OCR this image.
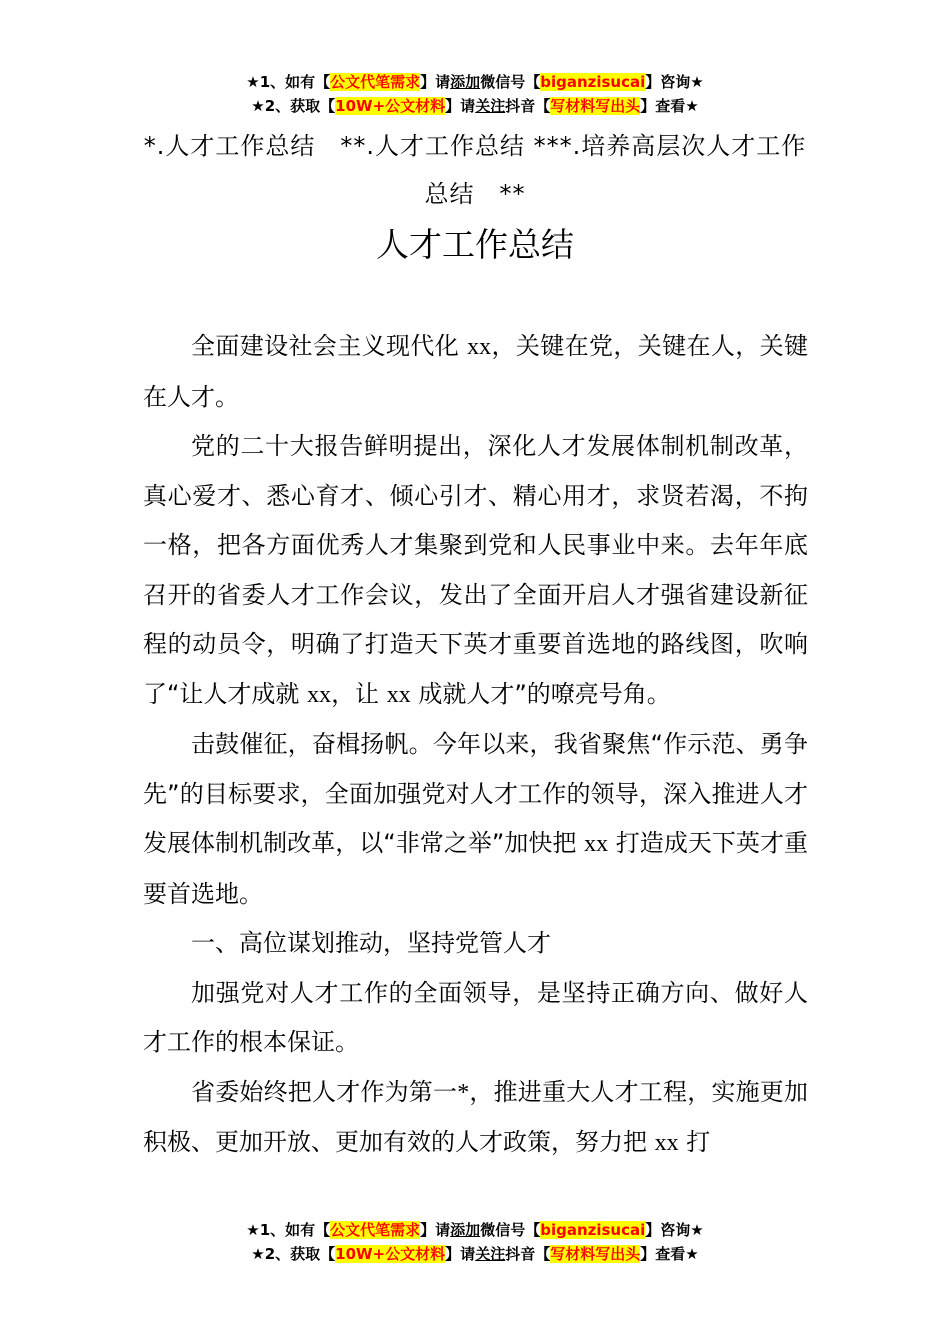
★1、如有【公文代笔需求】请添加微信号【biganzisucai】咨询★
★2、获取【10W+公文材料】请关注抖音【写材料写出头】查看★
*.人才工作总结　**.人才工作总结 ***.培养高层次人才工作总结　**
人才工作总结

全面建设社会主义现代化 xx，关键在党，关键在人，关键在人才。

党的二十大报告鲜明提出，深化人才发展体制机制改革，真心爱才、悉心育才、倾心引才、精心用才，求贤若渴，不拘一格，把各方面优秀人才集聚到党和人民事业中来。去年年底召开的省委人才工作会议，发出了全面开启人才强省建设新征程的动员令，明确了打造天下英才重要首选地的路线图，吹响了“让人才成就 xx，让 xx 成就人才”的嘹亮号角。

击鼓催征，奋楫扬帆。今年以来，我省聚焦“作示范、勇争先”的目标要求，全面加强党对人才工作的领导，深入推进人才发展体制机制改革，以“非常之举”加快把 xx 打造成天下英才重要首选地。

一、高位谋划推动，坚持党管人才

加强党对人才工作的全面领导，是坚持正确方向、做好人才工作的根本保证。

省委始终把人才作为第一*，推进重大人才工程，实施更加积极、更加开放、更加有效的人才政策，努力把 xx 打

★1、如有【公文代笔需求】请添加微信号【biganzisucai】咨询★
★2、获取【10W+公文材料】请关注抖音【写材料写出头】查看★
